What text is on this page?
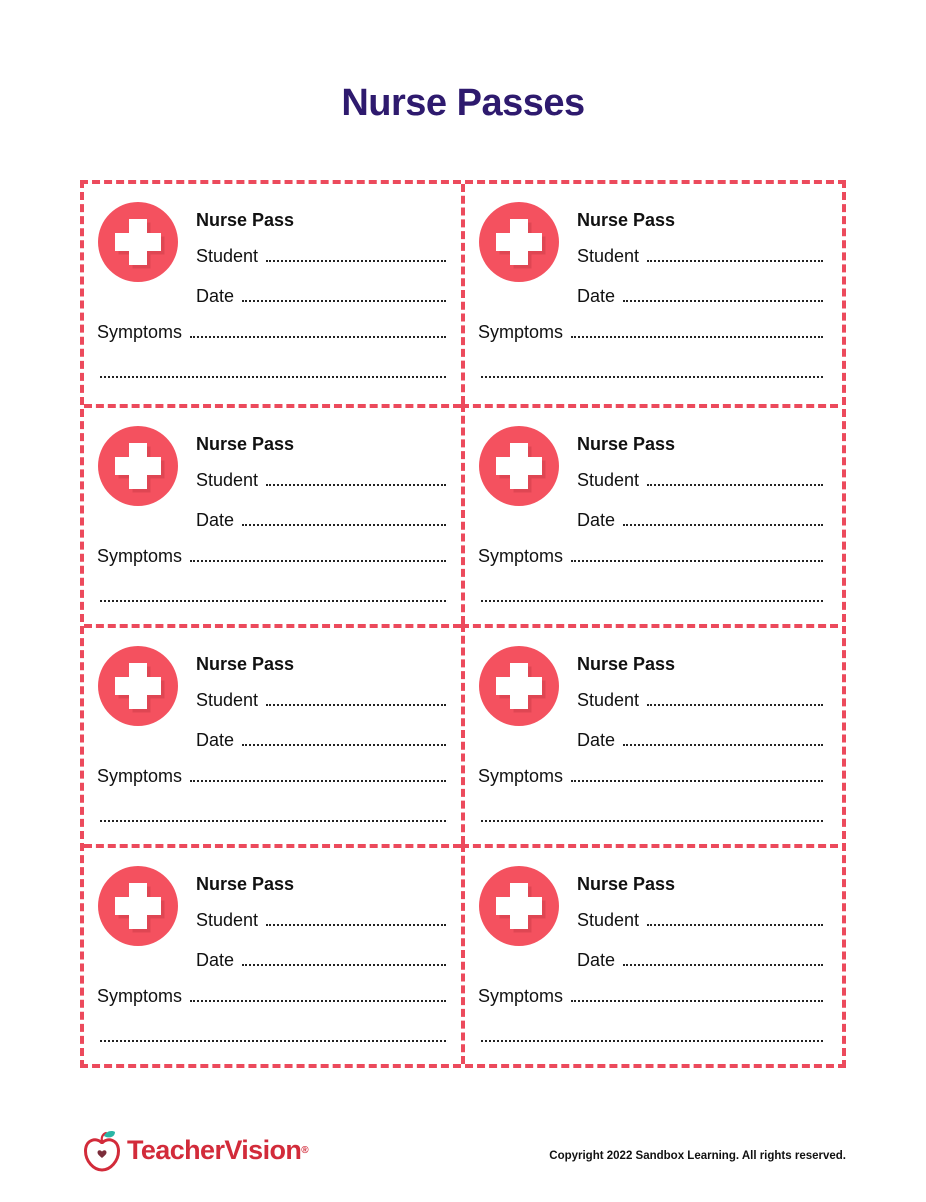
Nurse Passes
Nurse Pass
Student
Date
Symptoms
Nurse Pass
Student
Date
Symptoms
Nurse Pass
Student
Date
Symptoms
Nurse Pass
Student
Date
Symptoms
Nurse Pass
Student
Date
Symptoms
Nurse Pass
Student
Date
Symptoms
Nurse Pass
Student
Date
Symptoms
Nurse Pass
Student
Date
Symptoms
TeacherVision ®	Copyright 2022 Sandbox Learning. All rights reserved.
